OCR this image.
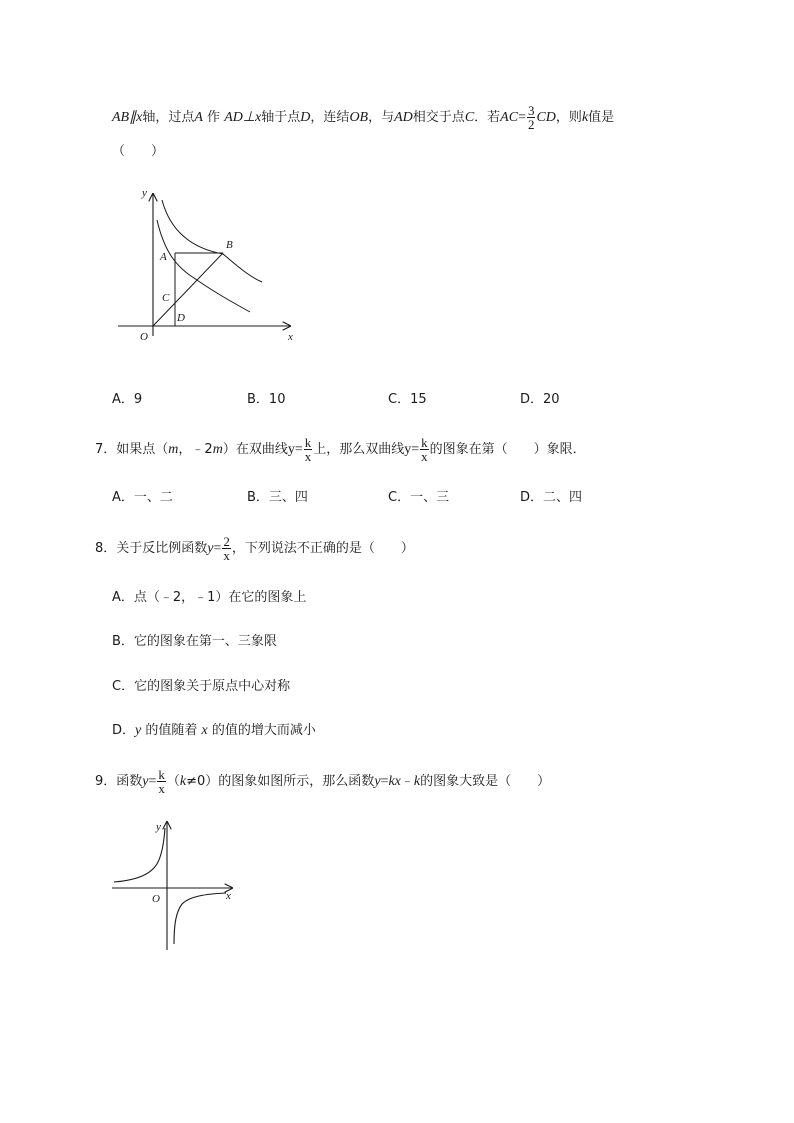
AB∥x轴，过点A 作 AD⊥x轴于点D，连结OB，与AD相交于点C．若$AC= \frac{3}{2}$ CD，则k值是
（　　）
y
x
O
A
B
C
D
A．9	B．10	C．15	D．20
7．如果点（m，﹣2m）在双曲线$y= \frac{k}{x}$ 上，那么双曲线$y= \frac{k}{x}$ 的图象在第（　　）象限．
A．一、二	B．三、四	C．一、三	D．二、四
8．关于反比例函数$y= \frac{2}{x}$ ，下列说法不正确的是（　　）
A．点（﹣2，﹣1）在它的图象上
B．它的图象在第一、三象限
C．它的图象关于原点中心对称
D．y 的值随着 x 的值的增大而减小
9．函数$y= \frac{k}{x} (k\ne 0)$的图象如图所示，那么函数y=kx﹣k的图象大致是（　　）
y
x
O
